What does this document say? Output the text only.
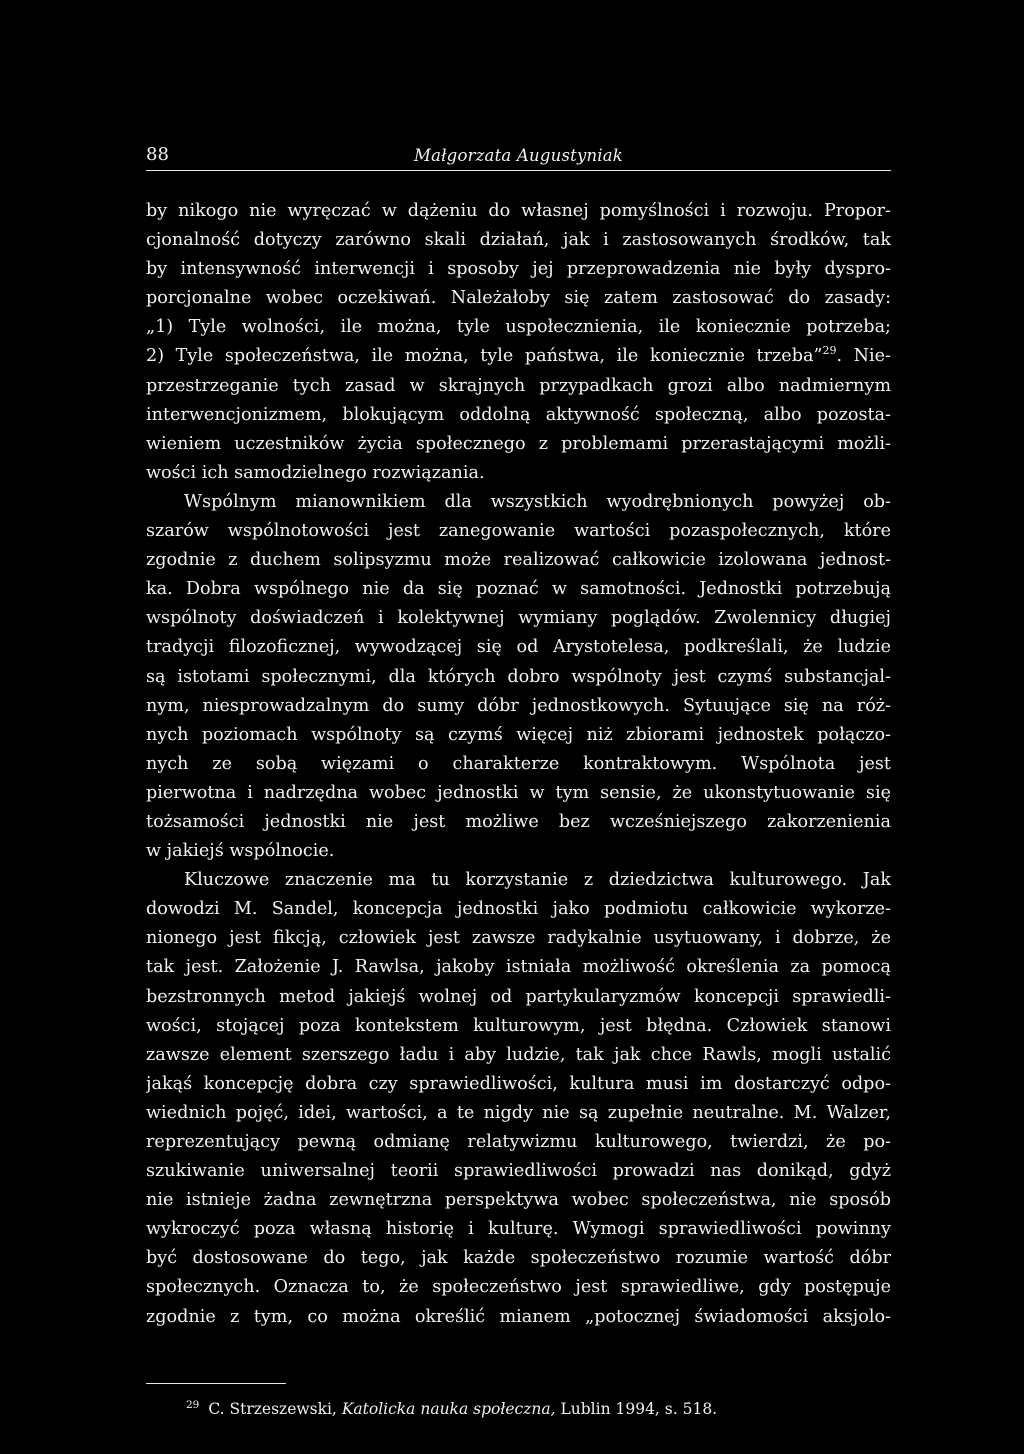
88	Małgorzata Augustyniak
by nikogo nie wyręczać w dążeniu do własnej pomyślności i rozwoju. Propor-
cjonalność dotyczy zarówno skali działań, jak i zastosowanych środków, tak
by intensywność interwencji i sposoby jej przeprowadzenia nie były dyspro-
porcjonalne wobec oczekiwań. Należałoby się zatem zastosować do zasady:
„1) Tyle wolności, ile można, tyle uspołecznienia, ile koniecznie potrzeba;
2) Tyle społeczeństwa, ile można, tyle państwa, ile koniecznie trzeba”$^{29}$. Nie-
przestrzeganie tych zasad w skrajnych przypadkach grozi albo nadmiernym
interwencjonizmem, blokującym oddolną aktywność społeczną, albo pozosta-
wieniem uczestników życia społecznego z problemami przerastającymi możli-
wości ich samodzielnego rozwiązania.
Wspólnym mianownikiem dla wszystkich wyodrębnionych powyżej ob-
szarów wspólnotowości jest zanegowanie wartości pozaspołecznych, które
zgodnie z duchem solipsyzmu może realizować całkowicie izolowana jednost-
ka. Dobra wspólnego nie da się poznać w samotności. Jednostki potrzebują
wspólnoty doświadczeń i kolektywnej wymiany poglądów. Zwolennicy długiej
tradycji filozoficznej, wywodzącej się od Arystotelesa, podkreślali, że ludzie
są istotami społecznymi, dla których dobro wspólnoty jest czymś substancjal-
nym, niesprowadzalnym do sumy dóbr jednostkowych. Sytuujące się na róż-
nych poziomach wspólnoty są czymś więcej niż zbiorami jednostek połączo-
nych ze sobą więzami o charakterze kontraktowym. Wspólnota jest
pierwotna i nadrzędna wobec jednostki w tym sensie, że ukonstytuowanie się
tożsamości jednostki nie jest możliwe bez wcześniejszego zakorzenienia
w jakiejś wspólnocie.
Kluczowe znaczenie ma tu korzystanie z dziedzictwa kulturowego. Jak
dowodzi M. Sandel, koncepcja jednostki jako podmiotu całkowicie wykorze-
nionego jest fikcją, człowiek jest zawsze radykalnie usytuowany, i dobrze, że
tak jest. Założenie J. Rawlsa, jakoby istniała możliwość określenia za pomocą
bezstronnych metod jakiejś wolnej od partykularyzmów koncepcji sprawiedli-
wości, stojącej poza kontekstem kulturowym, jest błędna. Człowiek stanowi
zawsze element szerszego ładu i aby ludzie, tak jak chce Rawls, mogli ustalić
jakąś koncepcję dobra czy sprawiedliwości, kultura musi im dostarczyć odpo-
wiednich pojęć, idei, wartości, a te nigdy nie są zupełnie neutralne. M. Walzer,
reprezentujący pewną odmianę relatywizmu kulturowego, twierdzi, że po-
szukiwanie uniwersalnej teorii sprawiedliwości prowadzi nas donikąd, gdyż
nie istnieje żadna zewnętrzna perspektywa wobec społeczeństwa, nie sposób
wykroczyć poza własną historię i kulturę. Wymogi sprawiedliwości powinny
być dostosowane do tego, jak każde społeczeństwo rozumie wartość dóbr
społecznych. Oznacza to, że społeczeństwo jest sprawiedliwe, gdy postępuje
zgodnie z tym, co można określić mianem „potocznej świadomości aksjolo-
$^{29}$ C. Strzeszewski, Katolicka nauka społeczna, Lublin 1994, s. 518.
